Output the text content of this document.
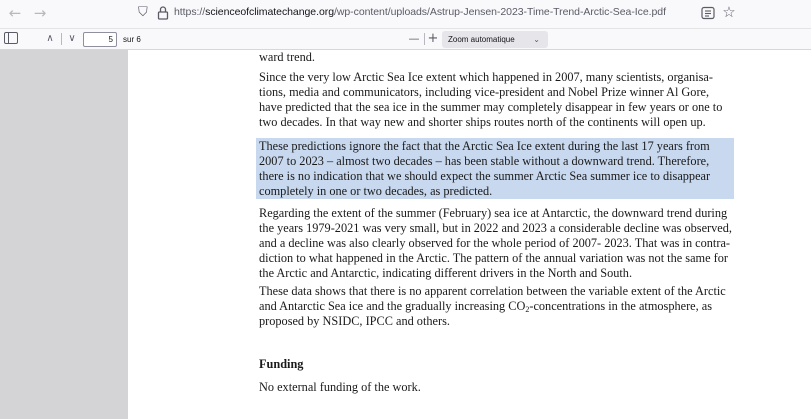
← →	⛉	https://scienceofclimatechange.org/wp-content/uploads/Astrup-Jensen-2023-Time-Trend-Arctic-Sea-Ice.pdf	☆
∧	∨	5	sur 6	— +	Zoom automatique ⌄

ward trend.

Since the very low Arctic Sea Ice extent which happened in 2007, many scientists, organisa-

tions, media and communicators, including vice-president and Nobel Prize winner Al Gore,

have predicted that the sea ice in the summer may completely disappear in few years or one to

two decades. In that way new and shorter ships routes north of the continents will open up.

These predictions ignore the fact that the Arctic Sea Ice extent during the last 17 years from

2007 to 2023 – almost two decades – has been stable without a downward trend. Therefore,

there is no indication that we should expect the summer Arctic Sea summer ice to disappear

completely in one or two decades, as predicted.

Regarding the extent of the summer (February) sea ice at Antarctic, the downward trend during

the years 1979-2021 was very small, but in 2022 and 2023 a considerable decline was observed,

and a decline was also clearly observed for the whole period of 2007- 2023. That was in contra-

diction to what happened in the Arctic. The pattern of the annual variation was not the same for

the Arctic and Antarctic, indicating different drivers in the North and South.

These data shows that there is no apparent correlation between the variable extent of the Arctic

and Antarctic Sea ice and the gradually increasing $CO_2$-concentrations in the atmosphere, as

proposed by NSIDC, IPCC and others.

Funding

No external funding of the work.
